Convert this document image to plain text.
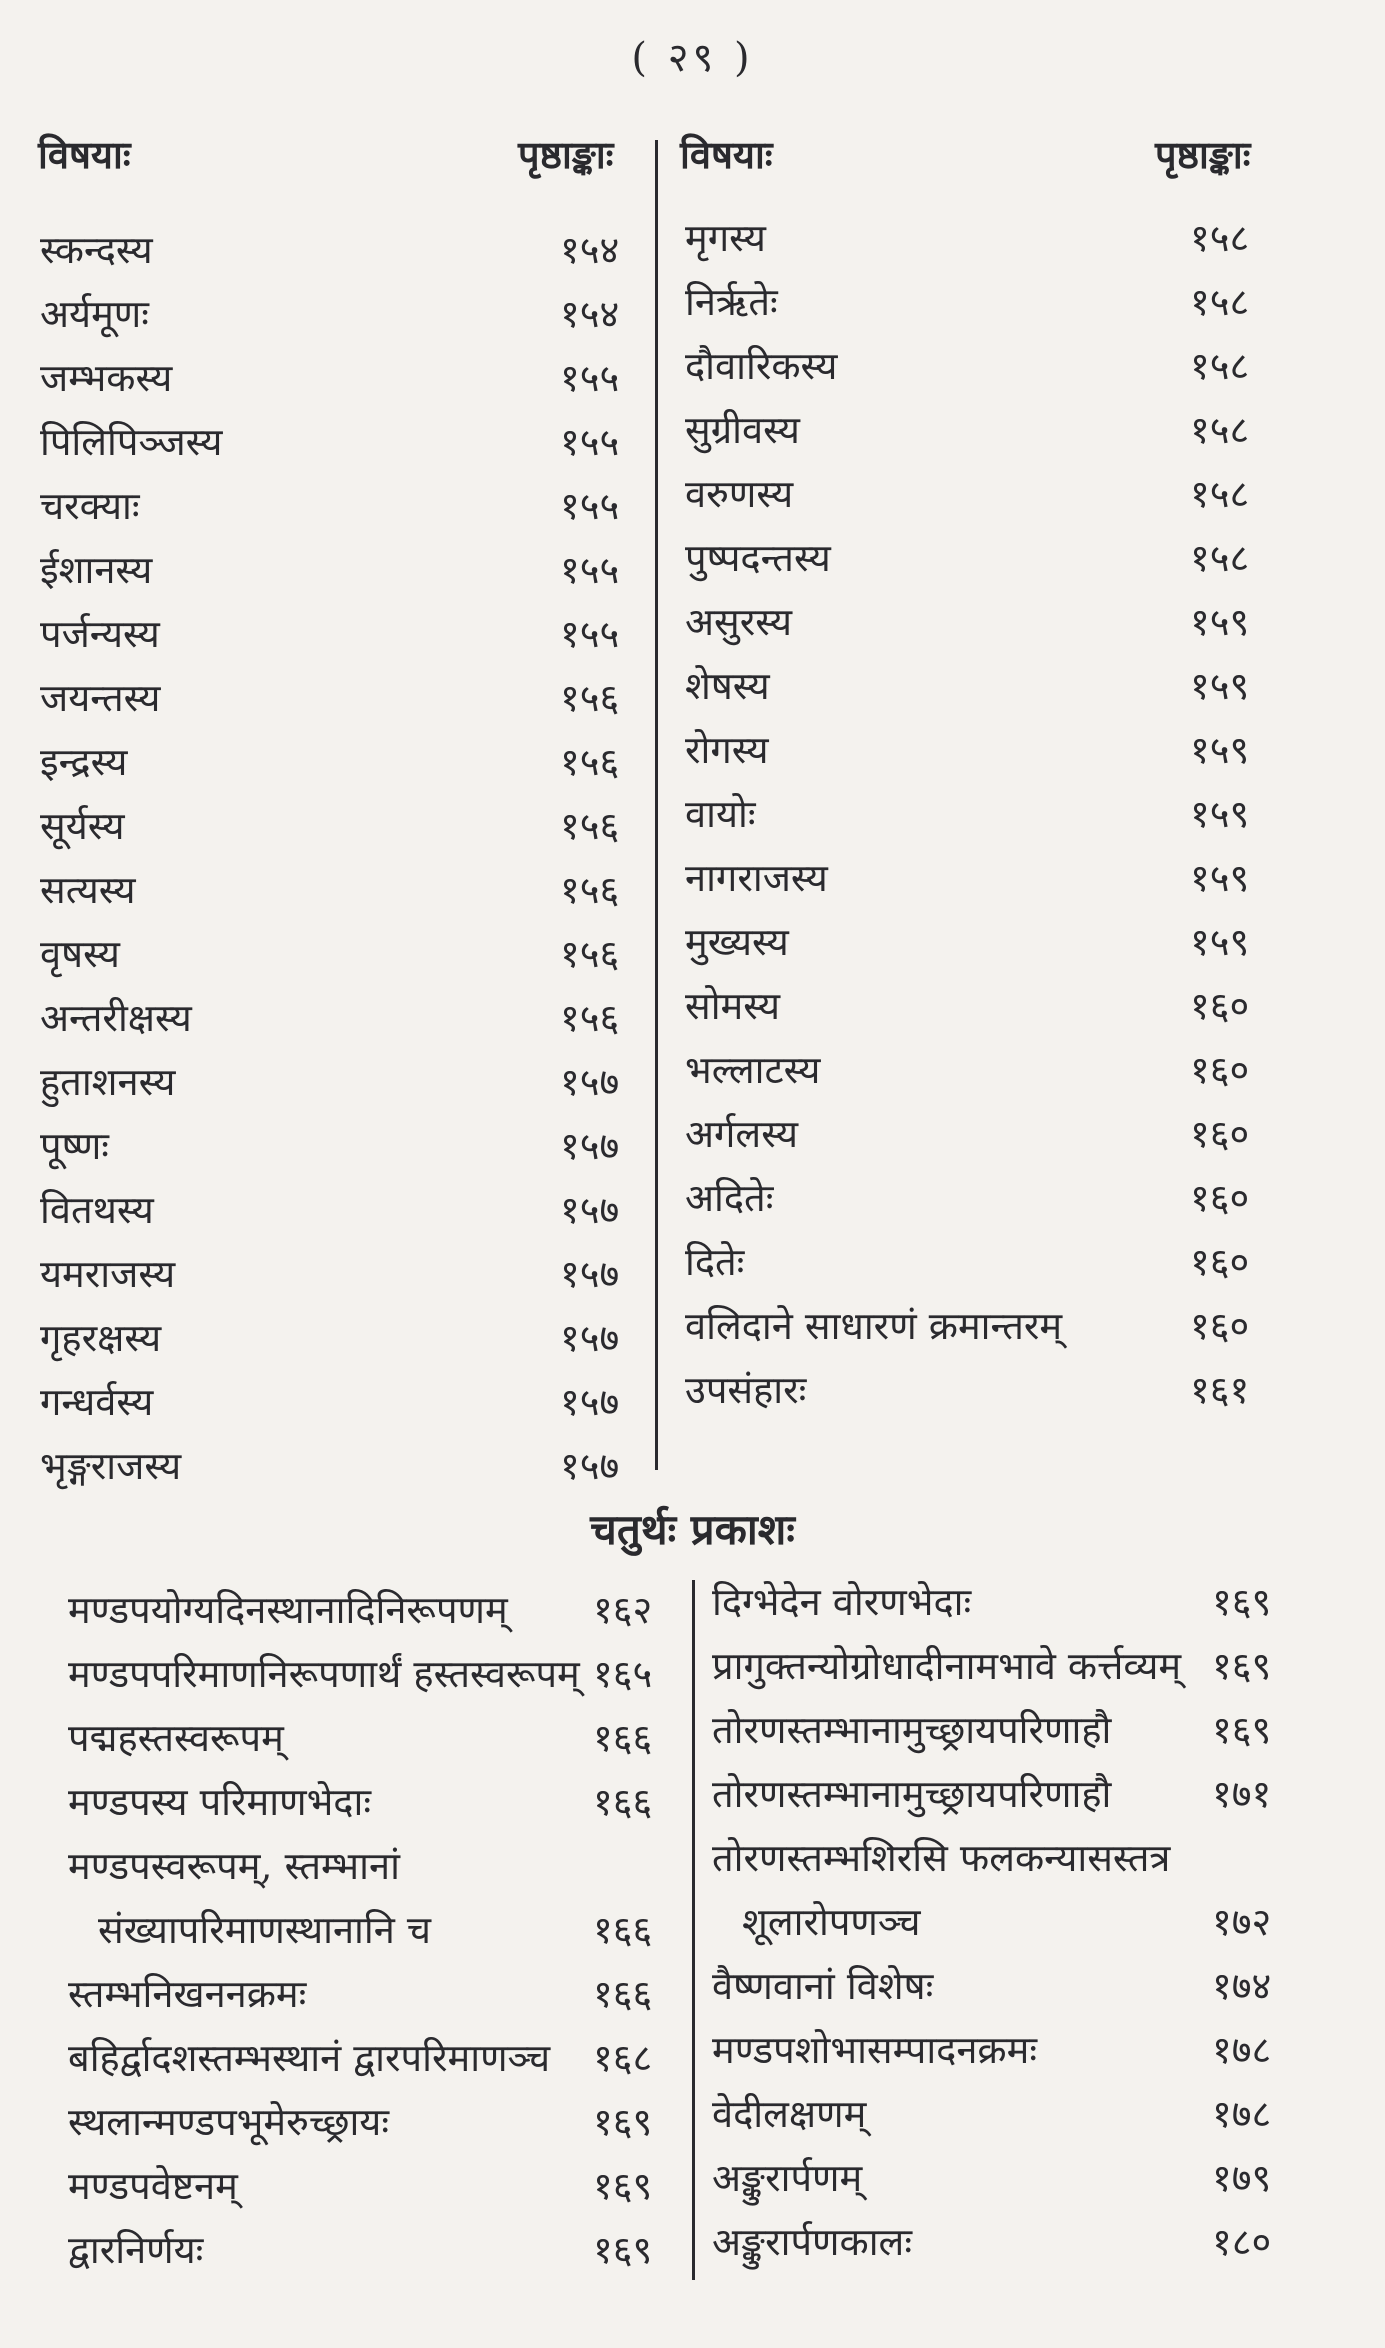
( २९ )
विषयाः	पृष्ठाङ्काः विषयाः	पृष्ठाङ्काः
स्कन्दस्य	१५४
अर्यमूणः	१५४
जम्भकस्य	१५५
पिलिपिञ्जस्य	१५५
चरक्याः	१५५
ईशानस्य	१५५
पर्जन्यस्य	१५५
जयन्तस्य	१५६
इन्द्रस्य	१५६
सूर्यस्य	१५६
सत्यस्य	१५६
वृषस्य	१५६
अन्तरीक्षस्य	१५६
हुताशनस्य	१५७
पूष्णः	१५७
वितथस्य	१५७
यमराजस्य	१५७
गृहरक्षस्य	१५७
गन्धर्वस्य	१५७
भृङ्गराजस्य	१५७
मृगस्य	१५८
निर्ऋतेः	१५८
दौवारिकस्य	१५८
सुग्रीवस्य	१५८
वरुणस्य	१५८
पुष्पदन्तस्य	१५८
असुरस्य	१५९
शेषस्य	१५९
रोगस्य	१५९
वायोः	१५९
नागराजस्य	१५९
मुख्यस्य	१५९
सोमस्य	१६०
भल्लाटस्य	१६०
अर्गलस्य	१६०
अदितेः	१६०
दितेः	१६०
वलिदाने साधारणं क्रमान्तरम्	१६०
उपसंहारः	१६१
चतुर्थः प्रकाशः
मण्डपयोग्यदिनस्थानादिनिरूपणम् १६२
मण्डपपरिमाणनिरूपणार्थं हस्तस्वरूपम् १६५
पद्महस्तस्वरूपम्	१६६
मण्डपस्य परिमाणभेदाः	१६६
मण्डपस्वरूपम्, स्तम्भानां
संख्यापरिमाणस्थानानि च	१६६
स्तम्भनिखननक्रमः	१६६
बहिर्द्वादशस्तम्भस्थानं द्वारपरिमाणञ्च १६८
स्थलान्मण्डपभूमेरुच्छ्रायः	१६९
मण्डपवेष्टनम्	१६९
द्वारनिर्णयः	१६९
दिग्भेदेन वोरणभेदाः	१६९
प्रागुक्तन्योग्रोधादीनामभावे कर्त्तव्यम् १६९
तोरणस्तम्भानामुच्छ्रायपरिणाहौ	१६९
तोरणस्तम्भानामुच्छ्रायपरिणाहौ	१७१
तोरणस्तम्भशिरसि फलकन्यासस्तत्र
शूलारोपणञ्च	१७२
वैष्णवानां विशेषः	१७४
मण्डपशोभासम्पादनक्रमः	१७८
वेदीलक्षणम्	१७८
अङ्कुरार्पणम्	१७९
अङ्कुरार्पणकालः	१८०
